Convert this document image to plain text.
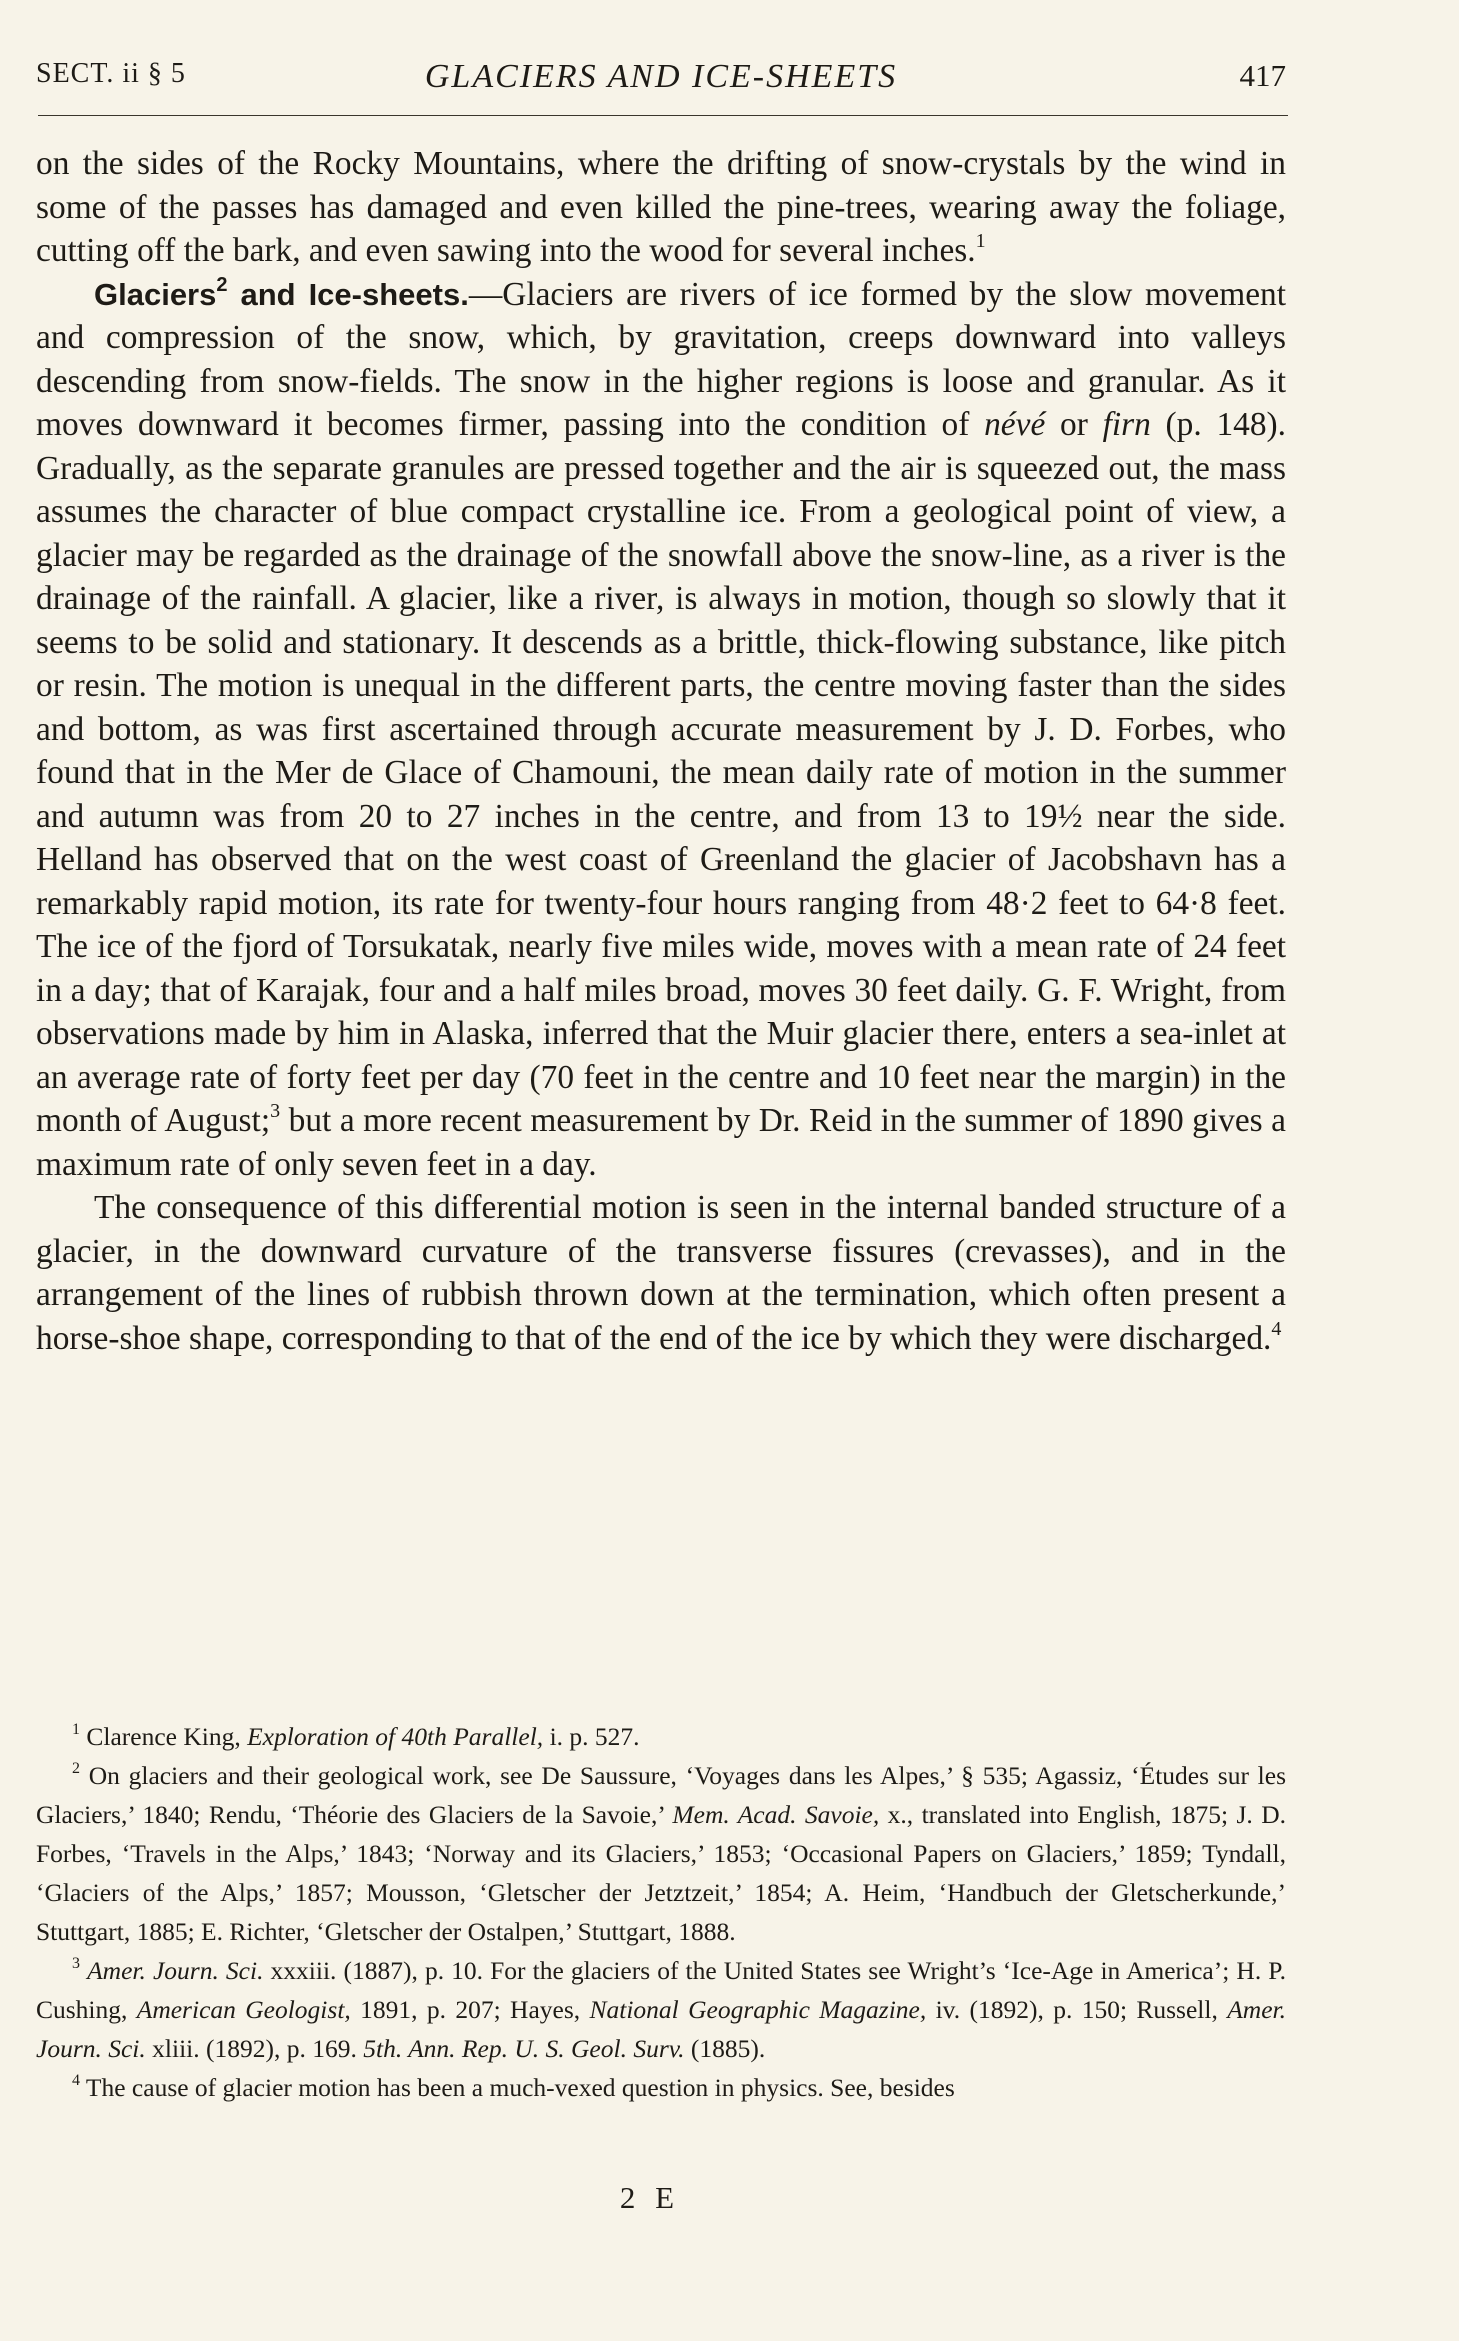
SECT. ii § 5	GLACIERS AND ICE-SHEETS	417

on the sides of the Rocky Mountains, where the drifting of snow-crystals by the wind in some of the passes has damaged and even killed the pine-trees, wearing away the foliage, cutting off the bark, and even sawing into the wood for several inches.$^1$

Glaciers$^2$ and Ice-sheets.—Glaciers are rivers of ice formed by the slow movement and compression of the snow, which, by gravitation, creeps downward into valleys descending from snow-fields. The snow in the higher regions is loose and granular. As it moves downward it becomes firmer, passing into the condition of névé or firn (p. 148). Gradually, as the separate granules are pressed together and the air is squeezed out, the mass assumes the character of blue compact crystalline ice. From a geological point of view, a glacier may be regarded as the drainage of the snowfall above the snow-line, as a river is the drainage of the rainfall. A glacier, like a river, is always in motion, though so slowly that it seems to be solid and stationary. It descends as a brittle, thick-flowing substance, like pitch or resin. The motion is unequal in the different parts, the centre moving faster than the sides and bottom, as was first ascertained through accurate measurement by J. D. Forbes, who found that in the Mer de Glace of Chamouni, the mean daily rate of motion in the summer and autumn was from 20 to 27 inches in the centre, and from 13 to 19½ near the side. Helland has observed that on the west coast of Greenland the glacier of Jacobshavn has a remarkably rapid motion, its rate for twenty-four hours ranging from 48·2 feet to 64·8 feet. The ice of the fjord of Torsukatak, nearly five miles wide, moves with a mean rate of 24 feet in a day; that of Karajak, four and a half miles broad, moves 30 feet daily. G. F. Wright, from observations made by him in Alaska, inferred that the Muir glacier there, enters a sea-inlet at an average rate of forty feet per day (70 feet in the centre and 10 feet near the margin) in the month of August;$^3$ but a more recent measurement by Dr. Reid in the summer of 1890 gives a maximum rate of only seven feet in a day.

The consequence of this differential motion is seen in the internal banded structure of a glacier, in the downward curvature of the transverse fissures (crevasses), and in the arrangement of the lines of rubbish thrown down at the termination, which often present a horse-shoe shape, corresponding to that of the end of the ice by which they were discharged.$^4$

$^1$ Clarence King, Exploration of 40th Parallel, i. p. 527.

$^2$ On glaciers and their geological work, see De Saussure, ‘Voyages dans les Alpes,’ § 535; Agassiz, ‘Études sur les Glaciers,’ 1840; Rendu, ‘Théorie des Glaciers de la Savoie,’ Mem. Acad. Savoie, x., translated into English, 1875; J. D. Forbes, ‘Travels in the Alps,’ 1843; ‘Norway and its Glaciers,’ 1853; ‘Occasional Papers on Glaciers,’ 1859; Tyndall, ‘Glaciers of the Alps,’ 1857; Mousson, ‘Gletscher der Jetztzeit,’ 1854; A. Heim, ‘Handbuch der Gletscherkunde,’ Stuttgart, 1885; E. Richter, ‘Gletscher der Ostalpen,’ Stuttgart, 1888.

$^3$ Amer. Journ. Sci. xxxiii. (1887), p. 10. For the glaciers of the United States see Wright’s ‘Ice-Age in America’; H. P. Cushing, American Geologist, 1891, p. 207; Hayes, National Geographic Magazine, iv. (1892), p. 150; Russell, Amer. Journ. Sci. xliii. (1892), p. 169. 5th. Ann. Rep. U. S. Geol. Surv. (1885).

$^4$ The cause of glacier motion has been a much-vexed question in physics. See, besides

2 E
